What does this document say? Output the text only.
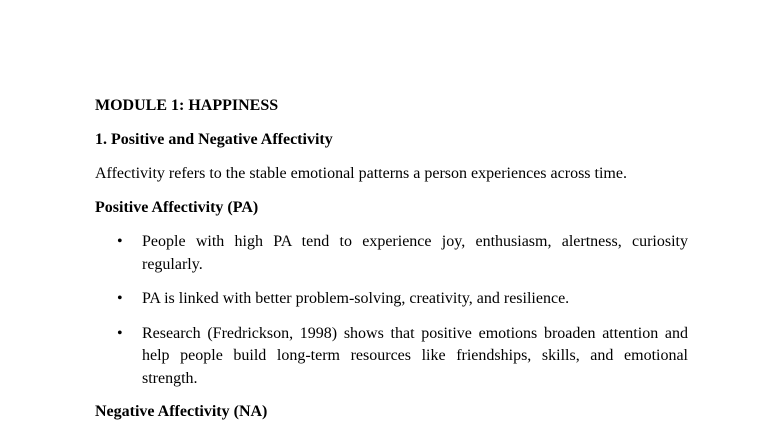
MODULE 1: HAPPINESS
1. Positive and Negative Affectivity
Affectivity refers to the stable emotional patterns a person experiences across time.
Positive Affectivity (PA)
• People with high PA tend to experience joy, enthusiasm, alertness, curiosity regularly.
• PA is linked with better problem-solving, creativity, and resilience.
• Research (Fredrickson, 1998) shows that positive emotions broaden attention and help people build long-term resources like friendships, skills, and emotional strength.
Negative Affectivity (NA)
